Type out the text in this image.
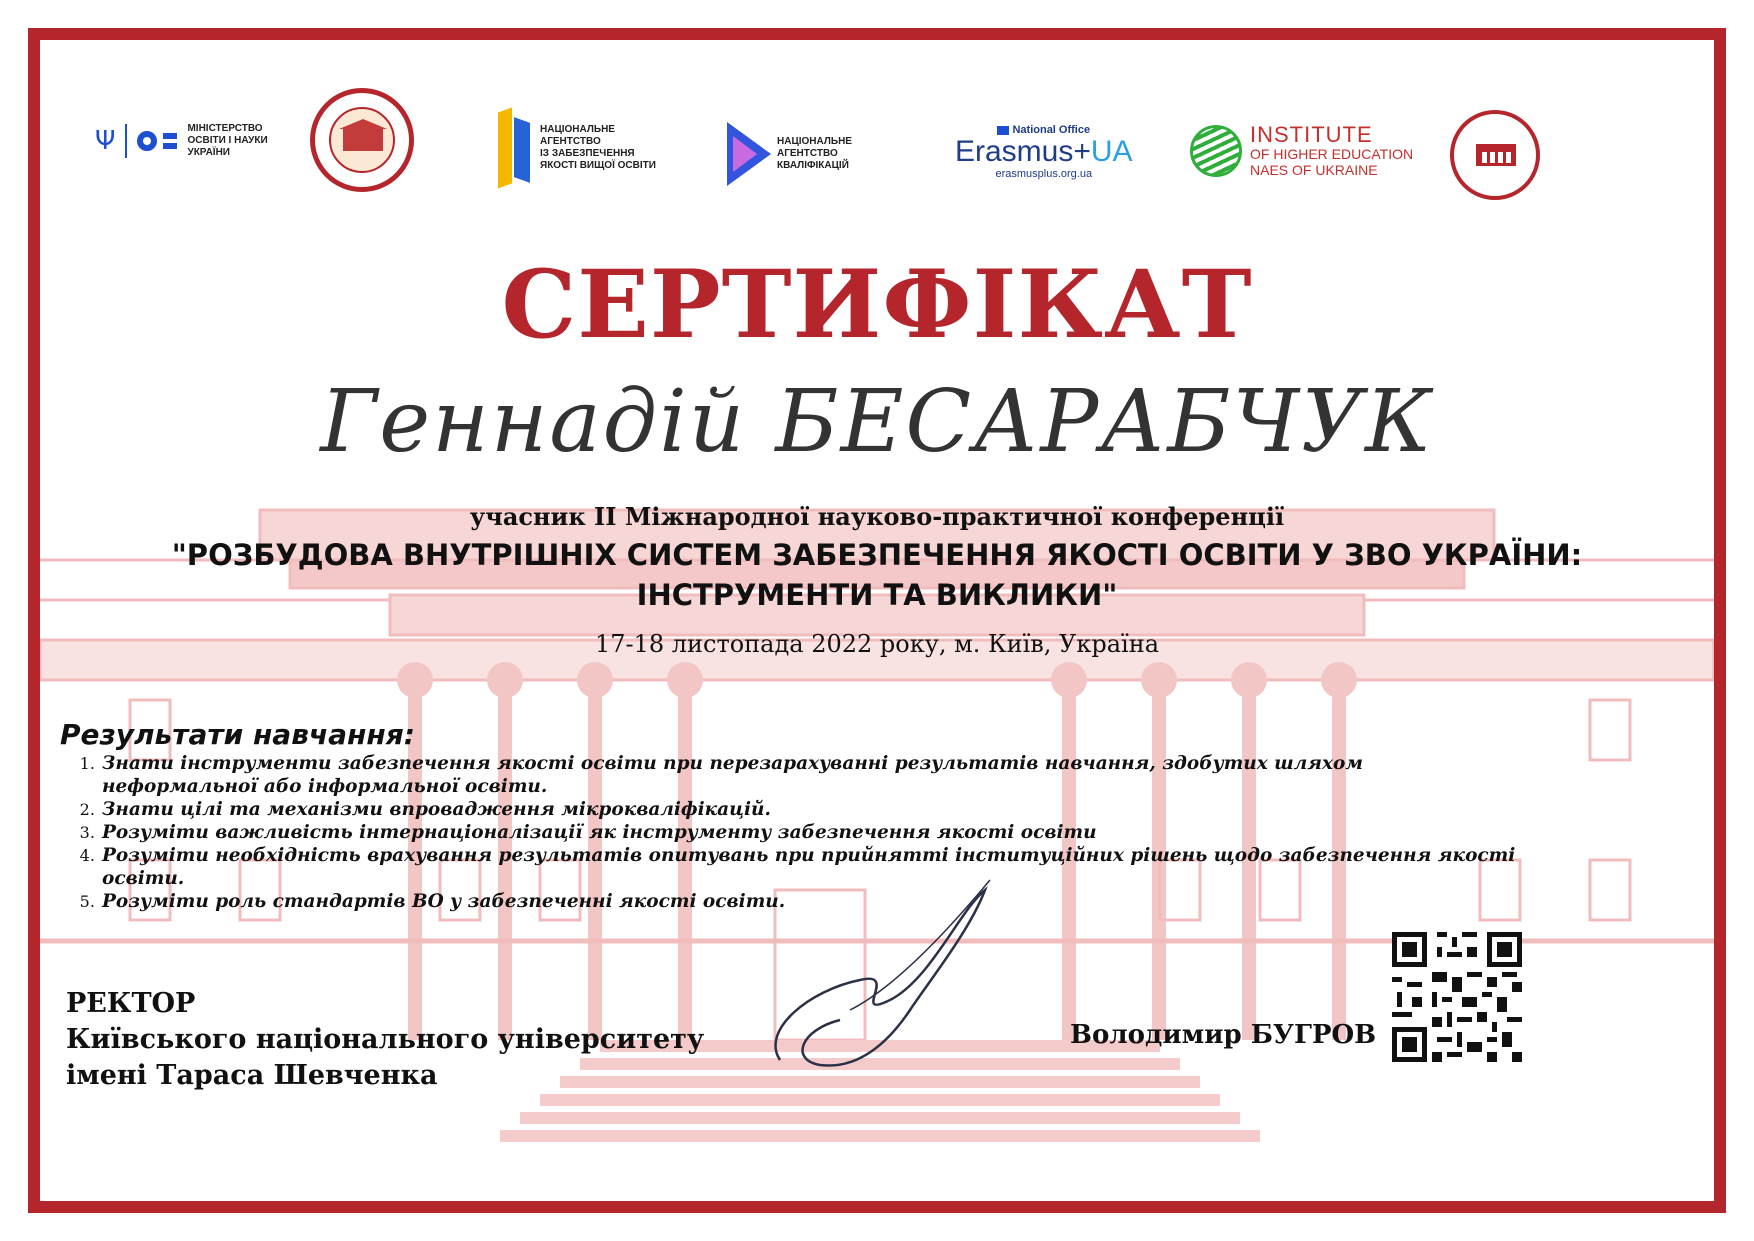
Ψ	МІНІСТЕРСТВО
ОСВІТИ І НАУКИ
УКРАЇНИ
НАЦІОНАЛЬНЕ
АГЕНТСТВО
ІЗ ЗАБЕЗПЕЧЕННЯ
ЯКОСТІ ВИЩОЇ ОСВІТИ
НАЦІОНАЛЬНЕ
АГЕНТСТВО
КВАЛІФІКАЦІЙ
National Office
Erasmus+UA
erasmusplus.org.ua
INSTITUTE
OF HIGHER EDUCATION
NAES OF UKRAINE
СЕРТИФІКАТ
Геннадій БЕСАРАБЧУК
учасник ІІ Міжнародної науково-практичної конференції
"РОЗБУДОВА ВНУТРІШНІХ СИСТЕМ ЗАБЕЗПЕЧЕННЯ ЯКОСТІ ОСВІТИ У ЗВО УКРАЇНИ:
ІНСТРУМЕНТИ ТА ВИКЛИКИ"
17-18 листопада 2022 року, м. Київ, Україна
Результати навчання:
1. Знати інструменти забезпечення якості освіти при перезарахуванні результатів навчання, здобутих шляхом неформальної або інформальної освіти.
2. Знати цілі та механізми впровадження мікрокваліфікацій.
3. Розуміти важливість інтернаціоналізації як інструменту забезпечення якості освіти
4. Розуміти необхідність врахування результатів опитувань при прийнятті інституційних рішень щодо забезпечення якості освіти.
5. Розуміти роль стандартів ВО у забезпеченні якості освіти.
РЕКТОР
Київського національного університету
імені Тараса Шевченка
Володимир БУГРОВ
